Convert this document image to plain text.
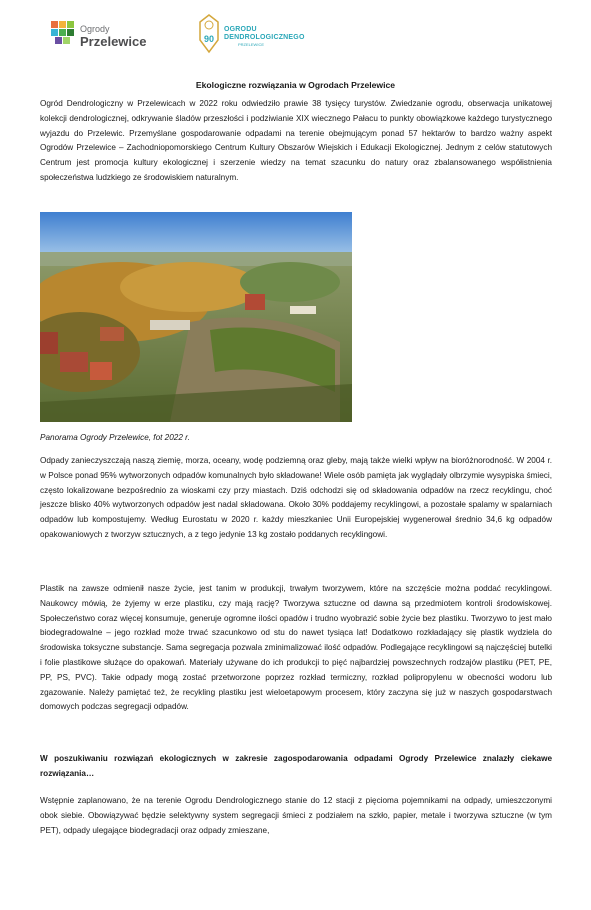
Ogrody
Przelewice	90
OGRODU
DENDROLOGICZNEGO
PRZELEWICE
Ekologiczne rozwiązania w Ogrodach Przelewice
Ogród Dendrologiczny w Przelewicach w 2022 roku odwiedziło prawie 38 tysięcy turystów. Zwiedzanie ogrodu, obserwacja unikatowej kolekcji dendrologicznej, odkrywanie śladów przeszłości i podziwianie XIX wiecznego Pałacu to punkty obowiązkowe każdego turystycznego wyjazdu do Przelewic. Przemyślane gospodarowanie odpadami na terenie obejmującym ponad 57 hektarów to bardzo ważny aspekt Ogrodów Przelewice – Zachodniopomorskiego Centrum Kultury Obszarów Wiejskich i Edukacji Ekologicznej. Jednym z celów statutowych Centrum jest promocja kultury ekologicznej i szerzenie wiedzy na temat szacunku do natury oraz zbalansowanego współistnienia społeczeństwa ludzkiego ze środowiskiem naturalnym.
Panorama Ogrody Przelewice, fot 2022 r.
Odpady zanieczyszczają naszą ziemię, morza, oceany, wodę podziemną oraz gleby, mają także wielki wpływ na bioróżnorodność. W 2004 r. w Polsce ponad 95% wytworzonych odpadów komunalnych było składowane! Wiele osób pamięta jak wyglądały olbrzymie wysypiska śmieci, często lokalizowane bezpośrednio za wioskami czy przy miastach. Dziś odchodzi się od składowania odpadów na rzecz recyklingu, choć jeszcze blisko 40% wytworzonych odpadów jest nadal składowana. Około 30% poddajemy recyklingowi, a pozostałe spalamy w spalarniach odpadów lub kompostujemy. Według Eurostatu w 2020 r. każdy mieszkaniec Unii Europejskiej wygenerował średnio 34,6 kg odpadów opakowaniowych z tworzyw sztucznych, a z tego jedynie 13 kg zostało poddanych recyklingowi.
Plastik na zawsze odmienił nasze życie, jest tanim w produkcji, trwałym tworzywem, które na szczęście można poddać recyklingowi. Naukowcy mówią, że żyjemy w erze plastiku, czy mają rację? Tworzywa sztuczne od dawna są przedmiotem kontroli środowiskowej. Społeczeństwo coraz więcej konsumuje, generuje ogromne ilości opadów i trudno wyobrazić sobie życie bez plastiku. Tworzywo to jest mało biodegradowalne – jego rozkład może trwać szacunkowo od stu do nawet tysiąca lat! Dodatkowo rozkładający się plastik wydziela do środowiska toksyczne substancje. Sama segregacja pozwala zminimalizować ilość odpadów. Podlegające recyklingowi są najczęściej butelki i folie plastikowe służące do opakowań. Materiały używane do ich produkcji to pięć najbardziej powszechnych rodzajów plastiku (PET, PE, PP, PS, PVC). Takie odpady mogą zostać przetworzone poprzez rozkład termiczny, rozkład polipropylenu w obecności wodoru lub zgazowanie. Należy pamiętać też, że recykling plastiku jest wieloetapowym procesem, który zaczyna się już w naszych gospodarstwach domowych podczas segregacji odpadów.
W poszukiwaniu rozwiązań ekologicznych w zakresie zagospodarowania odpadami Ogrody Przelewice znalazły ciekawe rozwiązania…
Wstępnie zaplanowano, że na terenie Ogrodu Dendrologicznego stanie do 12 stacji z pięcioma pojemnikami na odpady, umieszczonymi obok siebie. Obowiązywać będzie selektywny system segregacji śmieci z podziałem na szkło, papier, metale i tworzywa sztuczne (w tym PET), odpady ulegające biodegradacji oraz odpady zmieszane,
